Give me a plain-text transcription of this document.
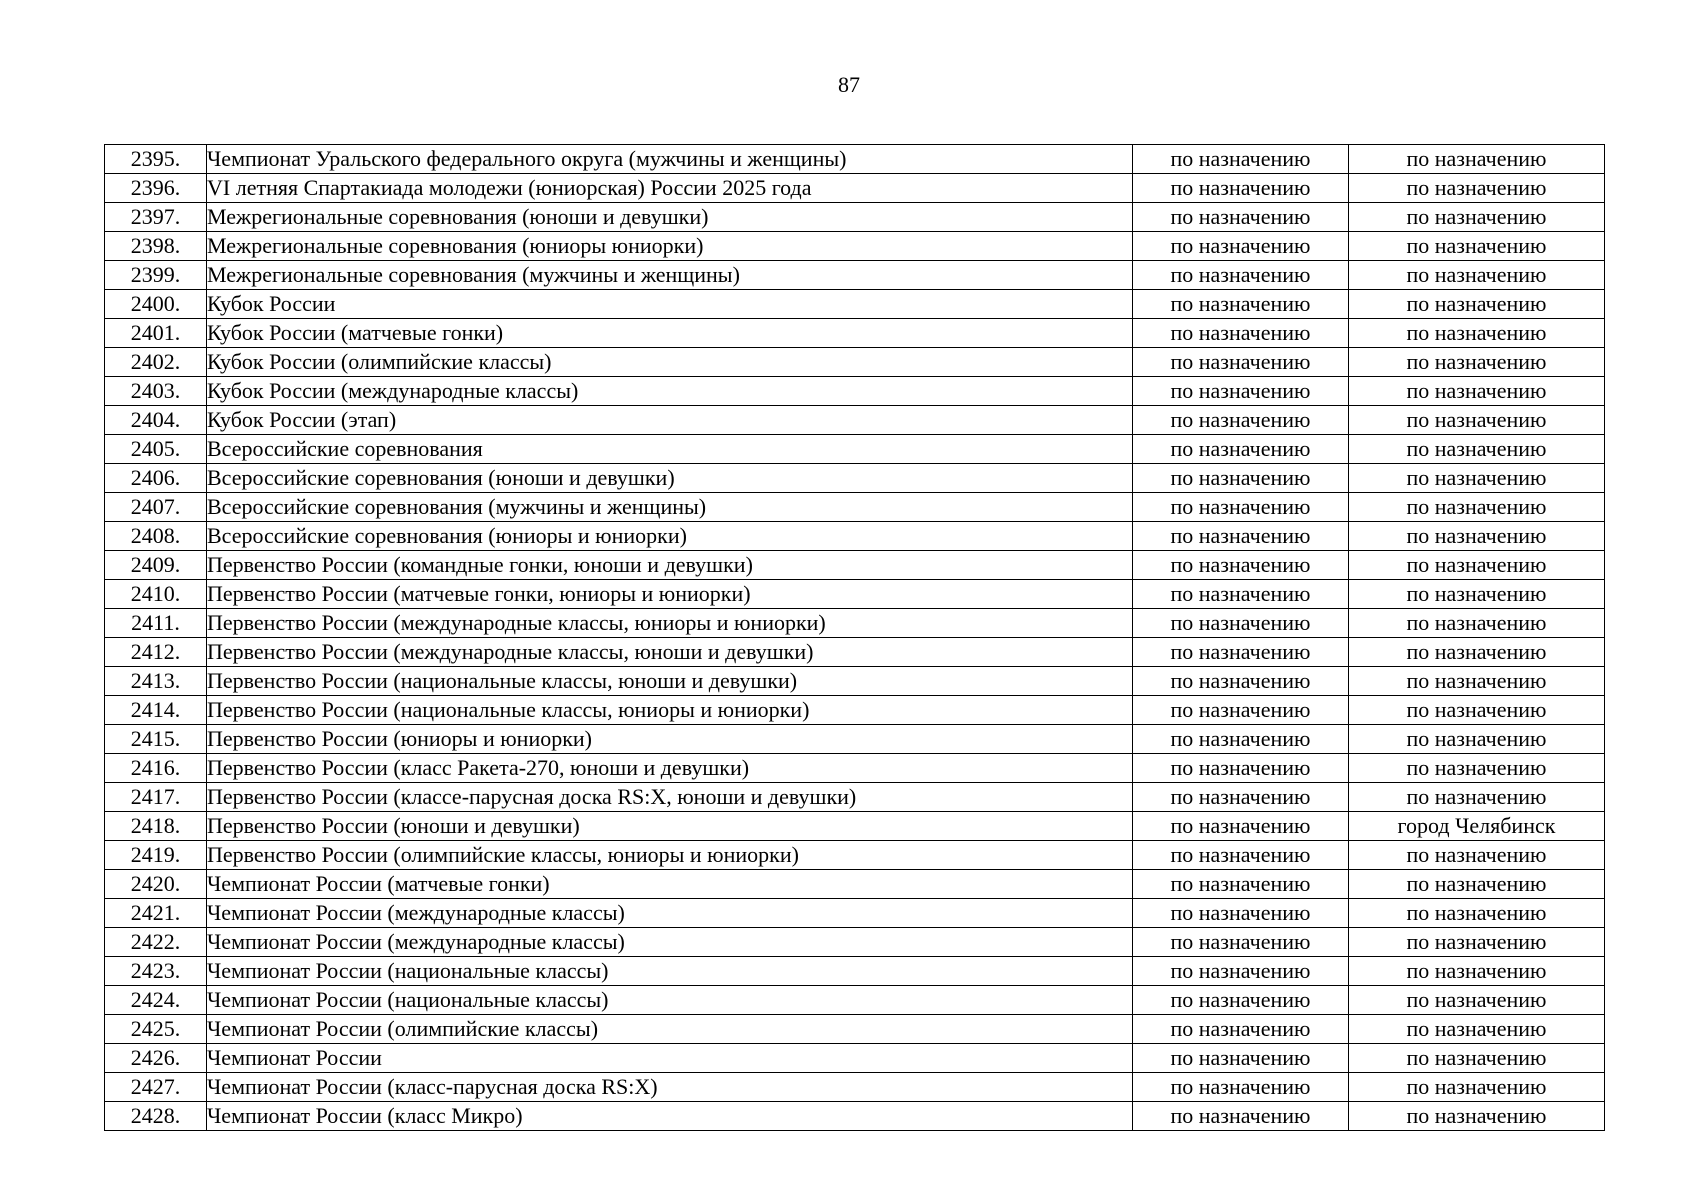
87
2395.	Чемпионат Уральского федерального округа (мужчины и женщины)	по назначению	по назначению
2396.	VI летняя Спартакиада молодежи (юниорская) России 2025 года	по назначению	по назначению
2397.	Межрегиональные соревнования (юноши и девушки)	по назначению	по назначению
2398.	Межрегиональные соревнования (юниоры юниорки)	по назначению	по назначению
2399.	Межрегиональные соревнования (мужчины и женщины)	по назначению	по назначению
2400.	Кубок России	по назначению	по назначению
2401.	Кубок России (матчевые гонки)	по назначению	по назначению
2402.	Кубок России (олимпийские классы)	по назначению	по назначению
2403.	Кубок России (международные классы)	по назначению	по назначению
2404.	Кубок России (этап)	по назначению	по назначению
2405.	Всероссийские соревнования	по назначению	по назначению
2406.	Всероссийские соревнования (юноши и девушки)	по назначению	по назначению
2407.	Всероссийские соревнования (мужчины и женщины)	по назначению	по назначению
2408.	Всероссийские соревнования (юниоры и юниорки)	по назначению	по назначению
2409.	Первенство России (командные гонки, юноши и девушки)	по назначению	по назначению
2410.	Первенство России (матчевые гонки, юниоры и юниорки)	по назначению	по назначению
2411.	Первенство России (международные классы, юниоры и юниорки)	по назначению	по назначению
2412.	Первенство России (международные классы, юноши и девушки)	по назначению	по назначению
2413.	Первенство России (национальные классы, юноши и девушки)	по назначению	по назначению
2414.	Первенство России (национальные классы, юниоры и юниорки)	по назначению	по назначению
2415.	Первенство России (юниоры и юниорки)	по назначению	по назначению
2416.	Первенство России (класс Ракета-270, юноши и девушки)	по назначению	по назначению
2417.	Первенство России (классе-парусная доска RS:X, юноши и девушки)	по назначению	по назначению
2418.	Первенство России (юноши и девушки)	по назначению	город Челябинск
2419.	Первенство России (олимпийские классы, юниоры и юниорки)	по назначению	по назначению
2420.	Чемпионат России (матчевые гонки)	по назначению	по назначению
2421.	Чемпионат России (международные классы)	по назначению	по назначению
2422.	Чемпионат России (международные классы)	по назначению	по назначению
2423.	Чемпионат России (национальные классы)	по назначению	по назначению
2424.	Чемпионат России (национальные классы)	по назначению	по назначению
2425.	Чемпионат России (олимпийские классы)	по назначению	по назначению
2426.	Чемпионат России	по назначению	по назначению
2427.	Чемпионат России (класс-парусная доска RS:X)	по назначению	по назначению
2428.	Чемпионат России (класс Микро)	по назначению	по назначению
